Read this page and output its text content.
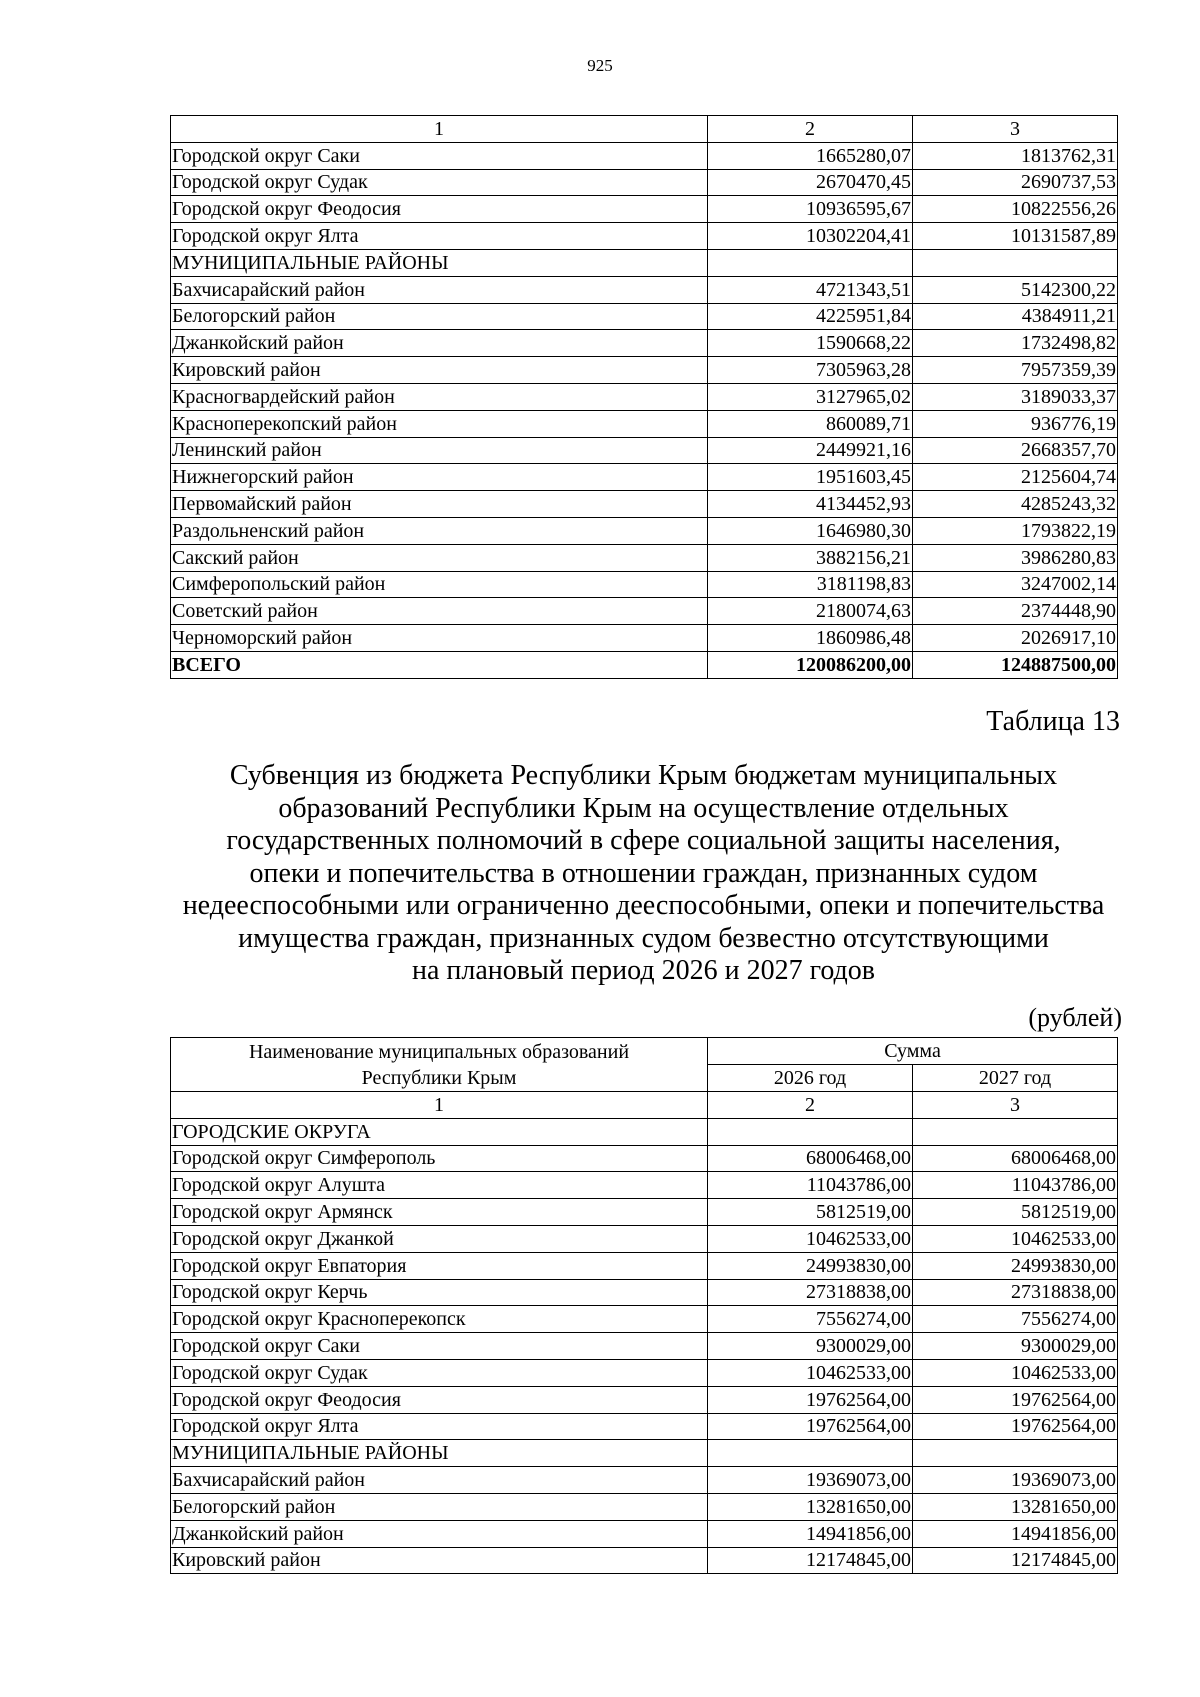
925
1	2	3
Городской округ Саки	1665280,07	1813762,31
Городской округ Судак	2670470,45	2690737,53
Городской округ Феодосия	10936595,67	10822556,26
Городской округ Ялта	10302204,41	10131587,89
МУНИЦИПАЛЬНЫЕ РАЙОНЫ		
Бахчисарайский район	4721343,51	5142300,22
Белогорский район	4225951,84	4384911,21
Джанкойский район	1590668,22	1732498,82
Кировский район	7305963,28	7957359,39
Красногвардейский район	3127965,02	3189033,37
Красноперекопский район	860089,71	936776,19
Ленинский район	2449921,16	2668357,70
Нижнегорский район	1951603,45	2125604,74
Первомайский район	4134452,93	4285243,32
Раздольненский район	1646980,30	1793822,19
Сакский район	3882156,21	3986280,83
Симферопольский район	3181198,83	3247002,14
Советский район	2180074,63	2374448,90
Черноморский район	1860986,48	2026917,10
ВСЕГО	120086200,00	124887500,00
Таблица 13
Субвенция из бюджета Республики Крым бюджетам муниципальных
образований Республики Крым на осуществление отдельных
государственных полномочий в сфере социальной защиты населения,
опеки и попечительства в отношении граждан, признанных судом
недееспособными или ограниченно дееспособными, опеки и попечительства
имущества граждан, признанных судом безвестно отсутствующими
на плановый период 2026 и 2027 годов
(рублей)
Наименование муниципальных образований
Республики Крым	Сумма	
	2026 год	2027 год
1	2	3
ГОРОДСКИЕ ОКРУГА		
Городской округ Симферополь	68006468,00	68006468,00
Городской округ Алушта	11043786,00	11043786,00
Городской округ Армянск	5812519,00	5812519,00
Городской округ Джанкой	10462533,00	10462533,00
Городской округ Евпатория	24993830,00	24993830,00
Городской округ Керчь	27318838,00	27318838,00
Городской округ Красноперекопск	7556274,00	7556274,00
Городской округ Саки	9300029,00	9300029,00
Городской округ Судак	10462533,00	10462533,00
Городской округ Феодосия	19762564,00	19762564,00
Городской округ Ялта	19762564,00	19762564,00
МУНИЦИПАЛЬНЫЕ РАЙОНЫ		
Бахчисарайский район	19369073,00	19369073,00
Белогорский район	13281650,00	13281650,00
Джанкойский район	14941856,00	14941856,00
Кировский район	12174845,00	12174845,00
